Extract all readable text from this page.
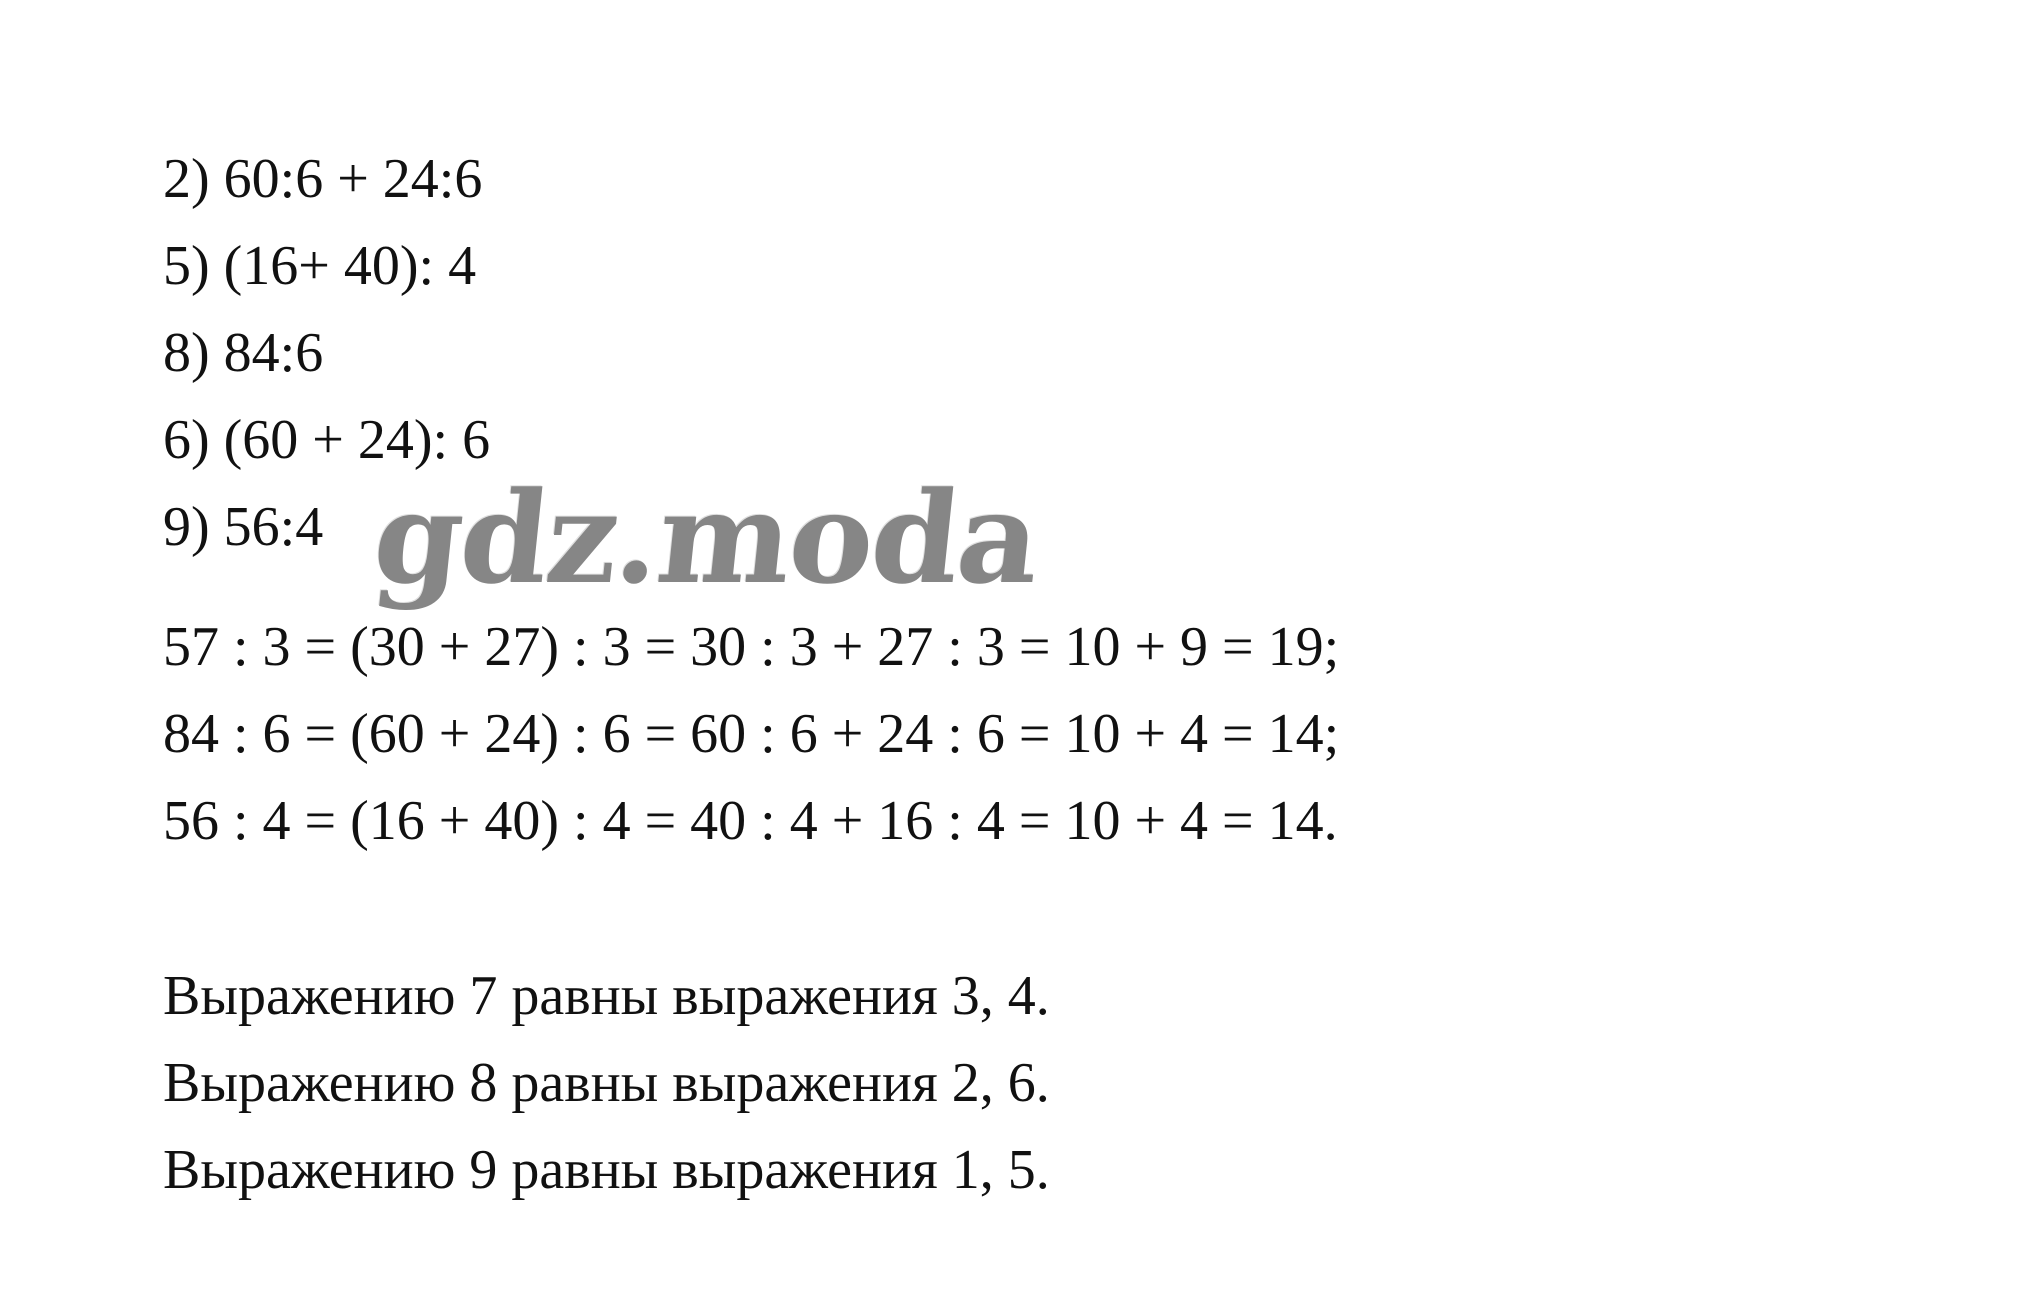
2) 60:6 + 24:6
5) (16+ 40): 4
8) 84:6
6) (60 + 24): 6
9) 56:4 gdz.moda
57 : 3 = (30 + 27) : 3 = 30 : 3 + 27 : 3 = 10 + 9 = 19;
84 : 6 = (60 + 24) : 6 = 60 : 6 + 24 : 6 = 10 + 4 = 14;
56 : 4 = (16 + 40) : 4 = 40 : 4 + 16 : 4 = 10 + 4 = 14.
Выражению 7 равны выражения 3, 4.
Выражению 8 равны выражения 2, 6.
Выражению 9 равны выражения 1, 5.
